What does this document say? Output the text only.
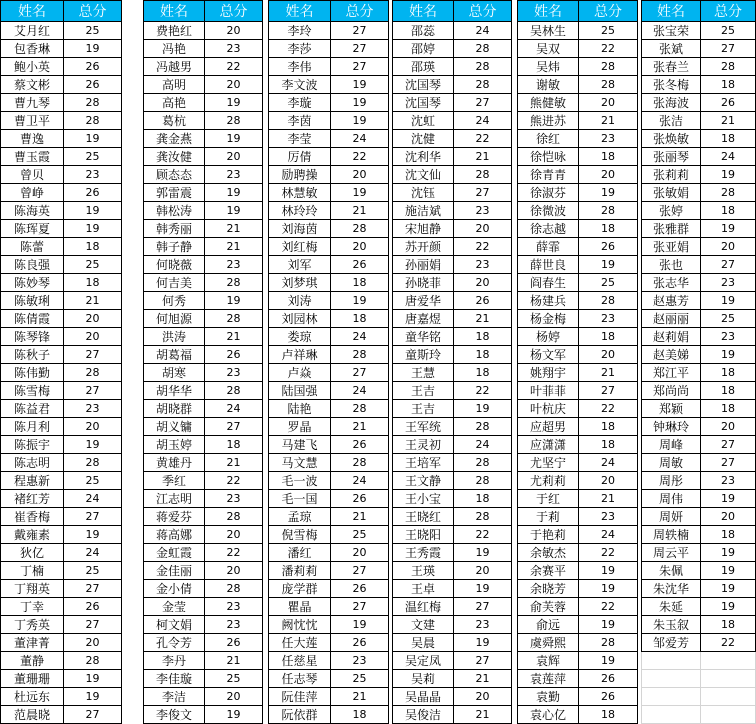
姓名	总分
艾月红	25
包香琳	19
鲍小英	26
蔡文彬	26
曹九琴	28
曹卫平	28
曹逸	19
曹玉霞	25
曾贝	23
曾峥	26
陈海英	19
陈珲夏	19
陈蕾	18
陈良强	25
陈妙琴	18
陈敏琍	21
陈倩霞	20
陈琴锋	20
陈秋子	27
陈伟勤	28
陈雪梅	27
陈益君	23
陈月利	20
陈振宇	19
陈志明	28
程惠新	25
褚红芳	24
崔香梅	27
戴雍素	19
狄亿	24
丁楠	25
丁翔英	27
丁幸	26
丁秀英	27
董津菁	20
董静	28
董珊珊	19
杜远东	19
范晨晓	27
姓名	总分
费艳红	20
冯艳	23
冯越男	22
高明	20
高艳	19
葛杭	28
龚金燕	19
龚汝健	20
顾态态	23
郭雷震	19
韩松涛	19
韩秀丽	21
韩子静	21
何晓薇	23
何吉美	28
何秀	19
何旭源	28
洪涛	21
胡葛福	26
胡寒	23
胡华华	28
胡晓群	24
胡义镛	27
胡玉婷	18
黄雄丹	21
季红	22
江志明	23
蒋爱芬	28
蒋高娜	20
金虹霞	22
金佳丽	20
金小倩	28
金莹	23
柯文娟	23
孔令芳	26
李丹	21
李佳璇	25
李洁	20
李俊文	19
姓名	总分
李玲	27
李莎	27
李伟	27
李文波	19
李璇	19
李茵	19
李莹	24
厉倩	22
励聘操	20
林慧敏	19
林玲玲	21
刘海茵	28
刘红梅	20
刘军	26
刘梦琪	18
刘涛	19
刘园林	18
娄琼	24
卢祥琳	28
卢焱	27
陆国强	24
陆艳	28
罗晶	21
马建飞	26
马文慧	28
毛一波	24
毛一国	26
孟琼	21
倪雪梅	25
潘红	20
潘莉莉	27
庞学群	26
瞿晶	27
阙忱忱	19
任大莲	26
任慈星	23
任志琴	25
阮佳萍	21
阮依群	18
姓名	总分
邵蕊	24
邵婷	28
邵瑛	28
沈国琴	28
沈国琴	27
沈虹	24
沈健	22
沈利华	21
沈文仙	28
沈钰	27
施洁斌	23
宋旭静	20
苏开颜	22
孙丽娟	23
孙晓菲	20
唐爱华	26
唐嘉煜	21
童华铭	18
童斯玲	18
王慧	18
王吉	22
王吉	19
王军统	28
王灵初	24
王培军	28
王文静	28
王小宝	18
王晓红	28
王晓阳	22
王秀霞	19
王瑛	20
王卓	19
温红梅	27
文建	23
吴晨	19
吴定凤	27
吴莉	21
吴晶晶	20
吴俊洁	21
姓名	总分
吴林生	25
吴双	22
吴炜	28
谢敏	28
熊健敏	20
熊进苏	21
徐红	23
徐恺咏	18
徐青青	20
徐淑芬	19
徐微波	28
徐志越	18
薛霏	26
薛世良	19
阎春生	25
杨建兵	28
杨金梅	23
杨婷	18
杨文军	20
姚翔宇	21
叶菲菲	27
叶杭庆	22
应超男	18
应潇潇	18
尤坚宁	24
尤莉莉	20
于红	21
于莉	23
于艳莉	24
余敏杰	22
余赛平	19
余晓芳	19
俞芙蓉	22
俞远	19
虞舜熙	28
袁辉	19
袁莲萍	26
袁勤	26
袁心亿	18
姓名	总分
张宝荣	25
张斌	27
张春兰	28
张冬梅	18
张海波	26
张洁	21
张焕敏	18
张丽琴	24
张莉莉	19
张敏娟	28
张婷	18
张雅群	19
张亚娟	20
张也	27
张志华	23
赵惠芳	19
赵丽丽	25
赵莉娟	23
赵美娣	19
郑江平	18
郑尚尚	18
郑颖	18
钟琳玲	20
周峰	27
周敏	27
周彤	23
周伟	19
周妍	20
周轶楠	18
周云平	19
朱佩	19
朱沈华	19
朱延	19
朱玉叙	18
邹爱芳	22
